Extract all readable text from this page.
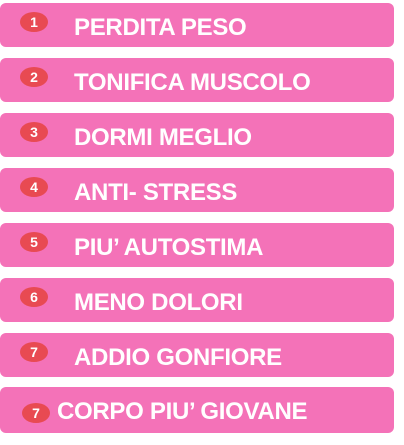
1	PERDITA PESO
2	TONIFICA MUSCOLO
3	DORMI MEGLIO
4	ANTI- STRESS
5	PIU’ AUTOSTIMA
6	MENO DOLORI
7	ADDIO GONFIORE
7 CORPO PIU’ GIOVANE
